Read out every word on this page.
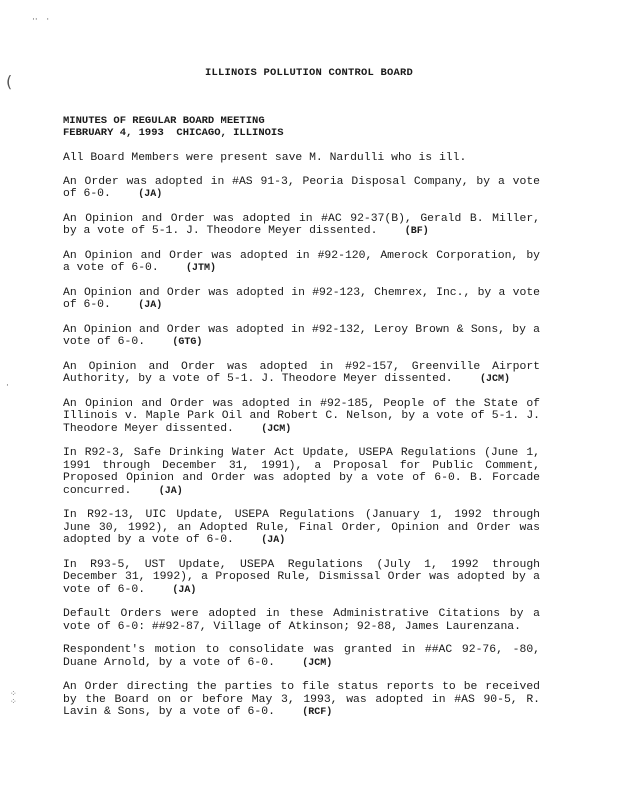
··   ·
(
·
⁘
⁘
ILLINOIS POLLUTION CONTROL BOARD
MINUTES OF REGULAR BOARD MEETING
FEBRUARY 4, 1993  CHICAGO, ILLINOIS

All Board Members were present save M. Nardulli who is ill.

An Order was adopted in #AS 91-3, Peoria Disposal Company, by a vote of 6-0.	(JA)

An Opinion and Order was adopted in #AC 92-37(B), Gerald B. Miller, by a vote of 5-1. J. Theodore Meyer dissented.	(BF)

An Opinion and Order was adopted in #92-120, Amerock Corporation, by a vote of 6-0.	(JTM)

An Opinion and Order was adopted in #92-123, Chemrex, Inc., by a vote of 6-0.	(JA)

An Opinion and Order was adopted in #92-132, Leroy Brown & Sons, by a vote of 6-0.	(GTG)

An Opinion and Order was adopted in #92-157, Greenville Airport Authority, by a vote of 5-1. J. Theodore Meyer dissented.	(JCM)

An Opinion and Order was adopted in #92-185, People of the State of Illinois v. Maple Park Oil and Robert C. Nelson, by a vote of 5-1. J. Theodore Meyer dissented.	(JCM)

In R92-3, Safe Drinking Water Act Update, USEPA Regulations (June 1, 1991 through December 31, 1991), a Proposal for Public Comment, Proposed Opinion and Order was adopted by a vote of 6-0. B. Forcade concurred.	(JA)

In R92-13, UIC Update, USEPA Regulations (January 1, 1992 through June 30, 1992), an Adopted Rule, Final Order, Opinion and Order was adopted by a vote of 6-0.	(JA)

In R93-5, UST Update, USEPA Regulations (July 1, 1992 through December 31, 1992), a Proposed Rule, Dismissal Order was adopted by a vote of 6-0.	(JA)

Default Orders were adopted in these Administrative Citations by a vote of 6-0: ##92-87, Village of Atkinson; 92-88, James Laurenzana.

Respondent's motion to consolidate was granted in ##AC 92-76, -80, Duane Arnold, by a vote of 6-0.	(JCM)

An Order directing the parties to file status reports to be received by the Board on or before May 3, 1993, was adopted in #AS 90-5, R. Lavin & Sons, by a vote of 6-0.	(RCF)
